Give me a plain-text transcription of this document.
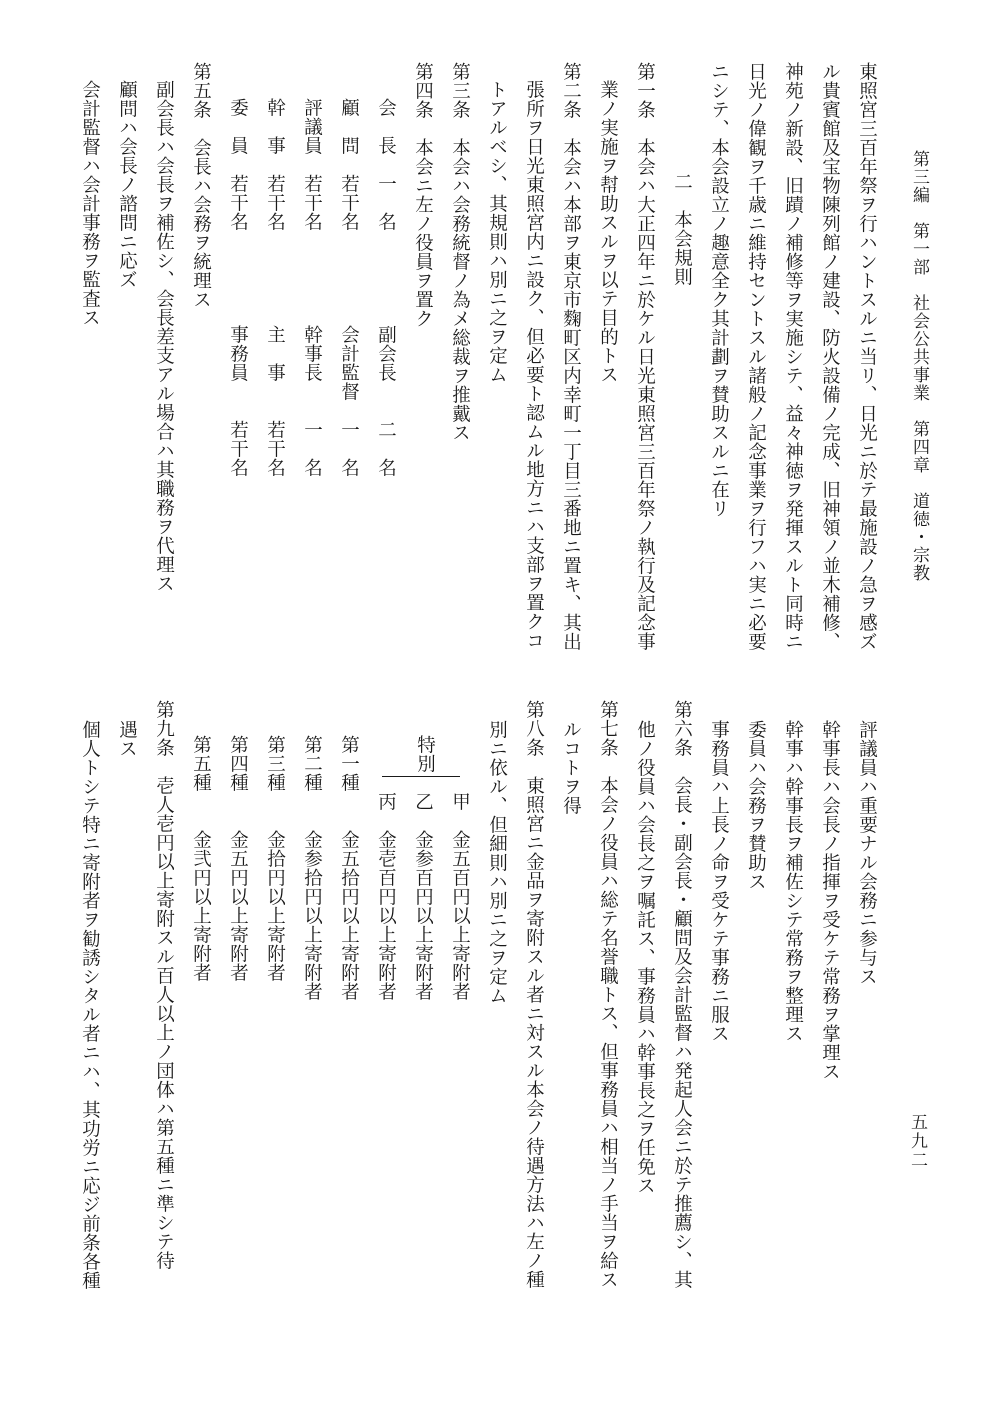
第三編　第一部　社会公共事業　第四章　道徳・宗教
五九二
東照宮三百年祭ヲ行ハントスルニ当リ、日光ニ於テ最施設ノ急ヲ感ズ
ル貴賓館及宝物陳列館ノ建設、防火設備ノ完成、旧神領ノ並木補修、
神苑ノ新設、旧蹟ノ補修等ヲ実施シテ、益々神徳ヲ発揮スルト同時ニ
日光ノ偉観ヲ千歳ニ維持セントスル諸般ノ記念事業ヲ行フハ実ニ必要
ニシテ、本会設立ノ趣意全ク其計劃ヲ賛助スルニ在リ
二　本会規則
第一条　本会ハ大正四年ニ於ケル日光東照宮三百年祭ノ執行及記念事
業ノ実施ヲ幇助スルヲ以テ目的トス
第二条　本会ハ本部ヲ東京市麴町区内幸町一丁目三番地ニ置キ、其出
張所ヲ日光東照宮内ニ設ク、但必要ト認ムル地方ニハ支部ヲ置クコ
トアルベシ、其規則ハ別ニ之ヲ定ム
第三条　本会ハ会務統督ノ為メ総裁ヲ推戴ス
第四条　本会ニ左ノ役員ヲ置ク
会　長　一　名
副会長　　二　名
顧　問　若干名
会計監督　一　名
評議員　若干名
幹事長　　一　名
幹　事　若干名
主　事　　若干名
委　員　若干名
事務員　　若干名
第五条　会長ハ会務ヲ統理ス
副会長ハ会長ヲ補佐シ、会長差支アル場合ハ其職務ヲ代理ス
顧問ハ会長ノ諮問ニ応ズ
会計監督ハ会計事務ヲ監査ス
評議員ハ重要ナル会務ニ参与ス
幹事長ハ会長ノ指揮ヲ受ケテ常務ヲ掌理ス
幹事ハ幹事長ヲ補佐シテ常務ヲ整理ス
委員ハ会務ヲ賛助ス
事務員ハ上長ノ命ヲ受ケテ事務ニ服ス
第六条　会長・副会長・顧問及会計監督ハ発起人会ニ於テ推薦シ、其
他ノ役員ハ会長之ヲ嘱託ス、事務員ハ幹事長之ヲ任免ス
第七条　本会ノ役員ハ総テ名誉職トス、但事務員ハ相当ノ手当ヲ給ス
ルコトヲ得
第八条　東照宮ニ金品ヲ寄附スル者ニ対スル本会ノ待遇方法ハ左ノ種
別ニ依ル、但細則ハ別ニ之ヲ定ム
特別
甲
金五百円以上寄附者
乙
金参百円以上寄附者
丙
金壱百円以上寄附者
第一種
金五拾円以上寄附者
第二種
金参拾円以上寄附者
第三種
金拾円以上寄附者
第四種
金五円以上寄附者
第五種
金弐円以上寄附者
遇ス 第九条　壱人壱円以上寄附スル百人以上ノ団体ハ第五種ニ準シテ待
個人トシテ特ニ寄附者ヲ勧誘シタル者ニハ、其功労ニ応ジ前条各種
